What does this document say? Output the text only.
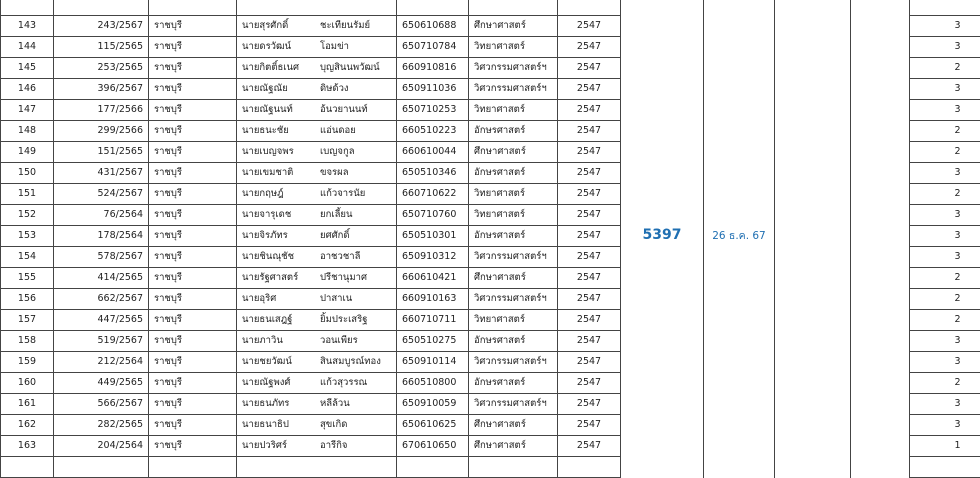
								5397	26 ธ.ค. 67			
143	243/2567	ราชบุรี	นายสุรศักดิ์	ชะเทียนรัมย์	650610688	ศึกษาศาสตร์	2547					3
144	115/2565	ราชบุรี	นายดรวัฒน์	โอมข่า	650710784	วิทยาศาสตร์	2547					3
145	253/2565	ราชบุรี	นายกิตติ์ธเนศ	บุญสินนพวัฒน์	660910816	วิศวกรรมศาสตร์ฯ	2547					2
146	396/2567	ราชบุรี	นายณัฐณัย	ดิษด้วง	650911036	วิศวกรรมศาสตร์ฯ	2547					3
147	177/2566	ราชบุรี	นายณัฐนนท์	อ้นวยานนท์	650710253	วิทยาศาสตร์	2547					3
148	299/2566	ราชบุรี	นายธนะชัย	แอ่นดอย	660510223	อักษรศาสตร์	2547					2
149	151/2565	ราชบุรี	นายเบญจพร	เบญจกูล	660610044	ศึกษาศาสตร์	2547					2
150	431/2567	ราชบุรี	นายเขมชาติ	ขจรผล	650510346	อักษรศาสตร์	2547					3
151	524/2567	ราชบุรี	นายกฤษฎ์	แก้วจารนัย	660710622	วิทยาศาสตร์	2547					2
152	76/2564	ราชบุรี	นายจารุเดช	ยกเลี้ยน	650710760	วิทยาศาสตร์	2547					3
153	178/2564	ราชบุรี	นายจิรภัทร	ยศศักดิ์	650510301	อักษรศาสตร์	2547					3
154	578/2567	ราชบุรี	นายชินณุชัช	อาชวชาลี	650910312	วิศวกรรมศาสตร์ฯ	2547					3
155	414/2565	ราชบุรี	นายรัฐศาสตร์	ปรีชานุมาศ	660610421	ศึกษาศาสตร์	2547					2
156	662/2567	ราชบุรี	นายอุริศ	ปาสาเน	660910163	วิศวกรรมศาสตร์ฯ	2547					2
157	447/2565	ราชบุรี	นายธนเสฎฐ์	ยิ้มประเสริฐ	660710711	วิทยาศาสตร์	2547					2
158	519/2567	ราชบุรี	นายภาวิน	วอนเพียร	650510275	อักษรศาสตร์	2547					3
159	212/2564	ราชบุรี	นายชยวัฒน์	สินสมบูรณ์ทอง	650910114	วิศวกรรมศาสตร์ฯ	2547					3
160	449/2565	ราชบุรี	นายณัฐพงศ์	แก้วสุวรรณ	660510800	อักษรศาสตร์	2547					2
161	566/2567	ราชบุรี	นายธนภัทร	หลีล้วน	650910059	วิศวกรรมศาสตร์ฯ	2547					3
162	282/2565	ราชบุรี	นายธนาธิป	สุขเกิด	650610625	ศึกษาศาสตร์	2547					3
163	204/2564	ราชบุรี	นายปวริศร์	อารีกิจ	670610650	ศึกษาศาสตร์	2547					1
